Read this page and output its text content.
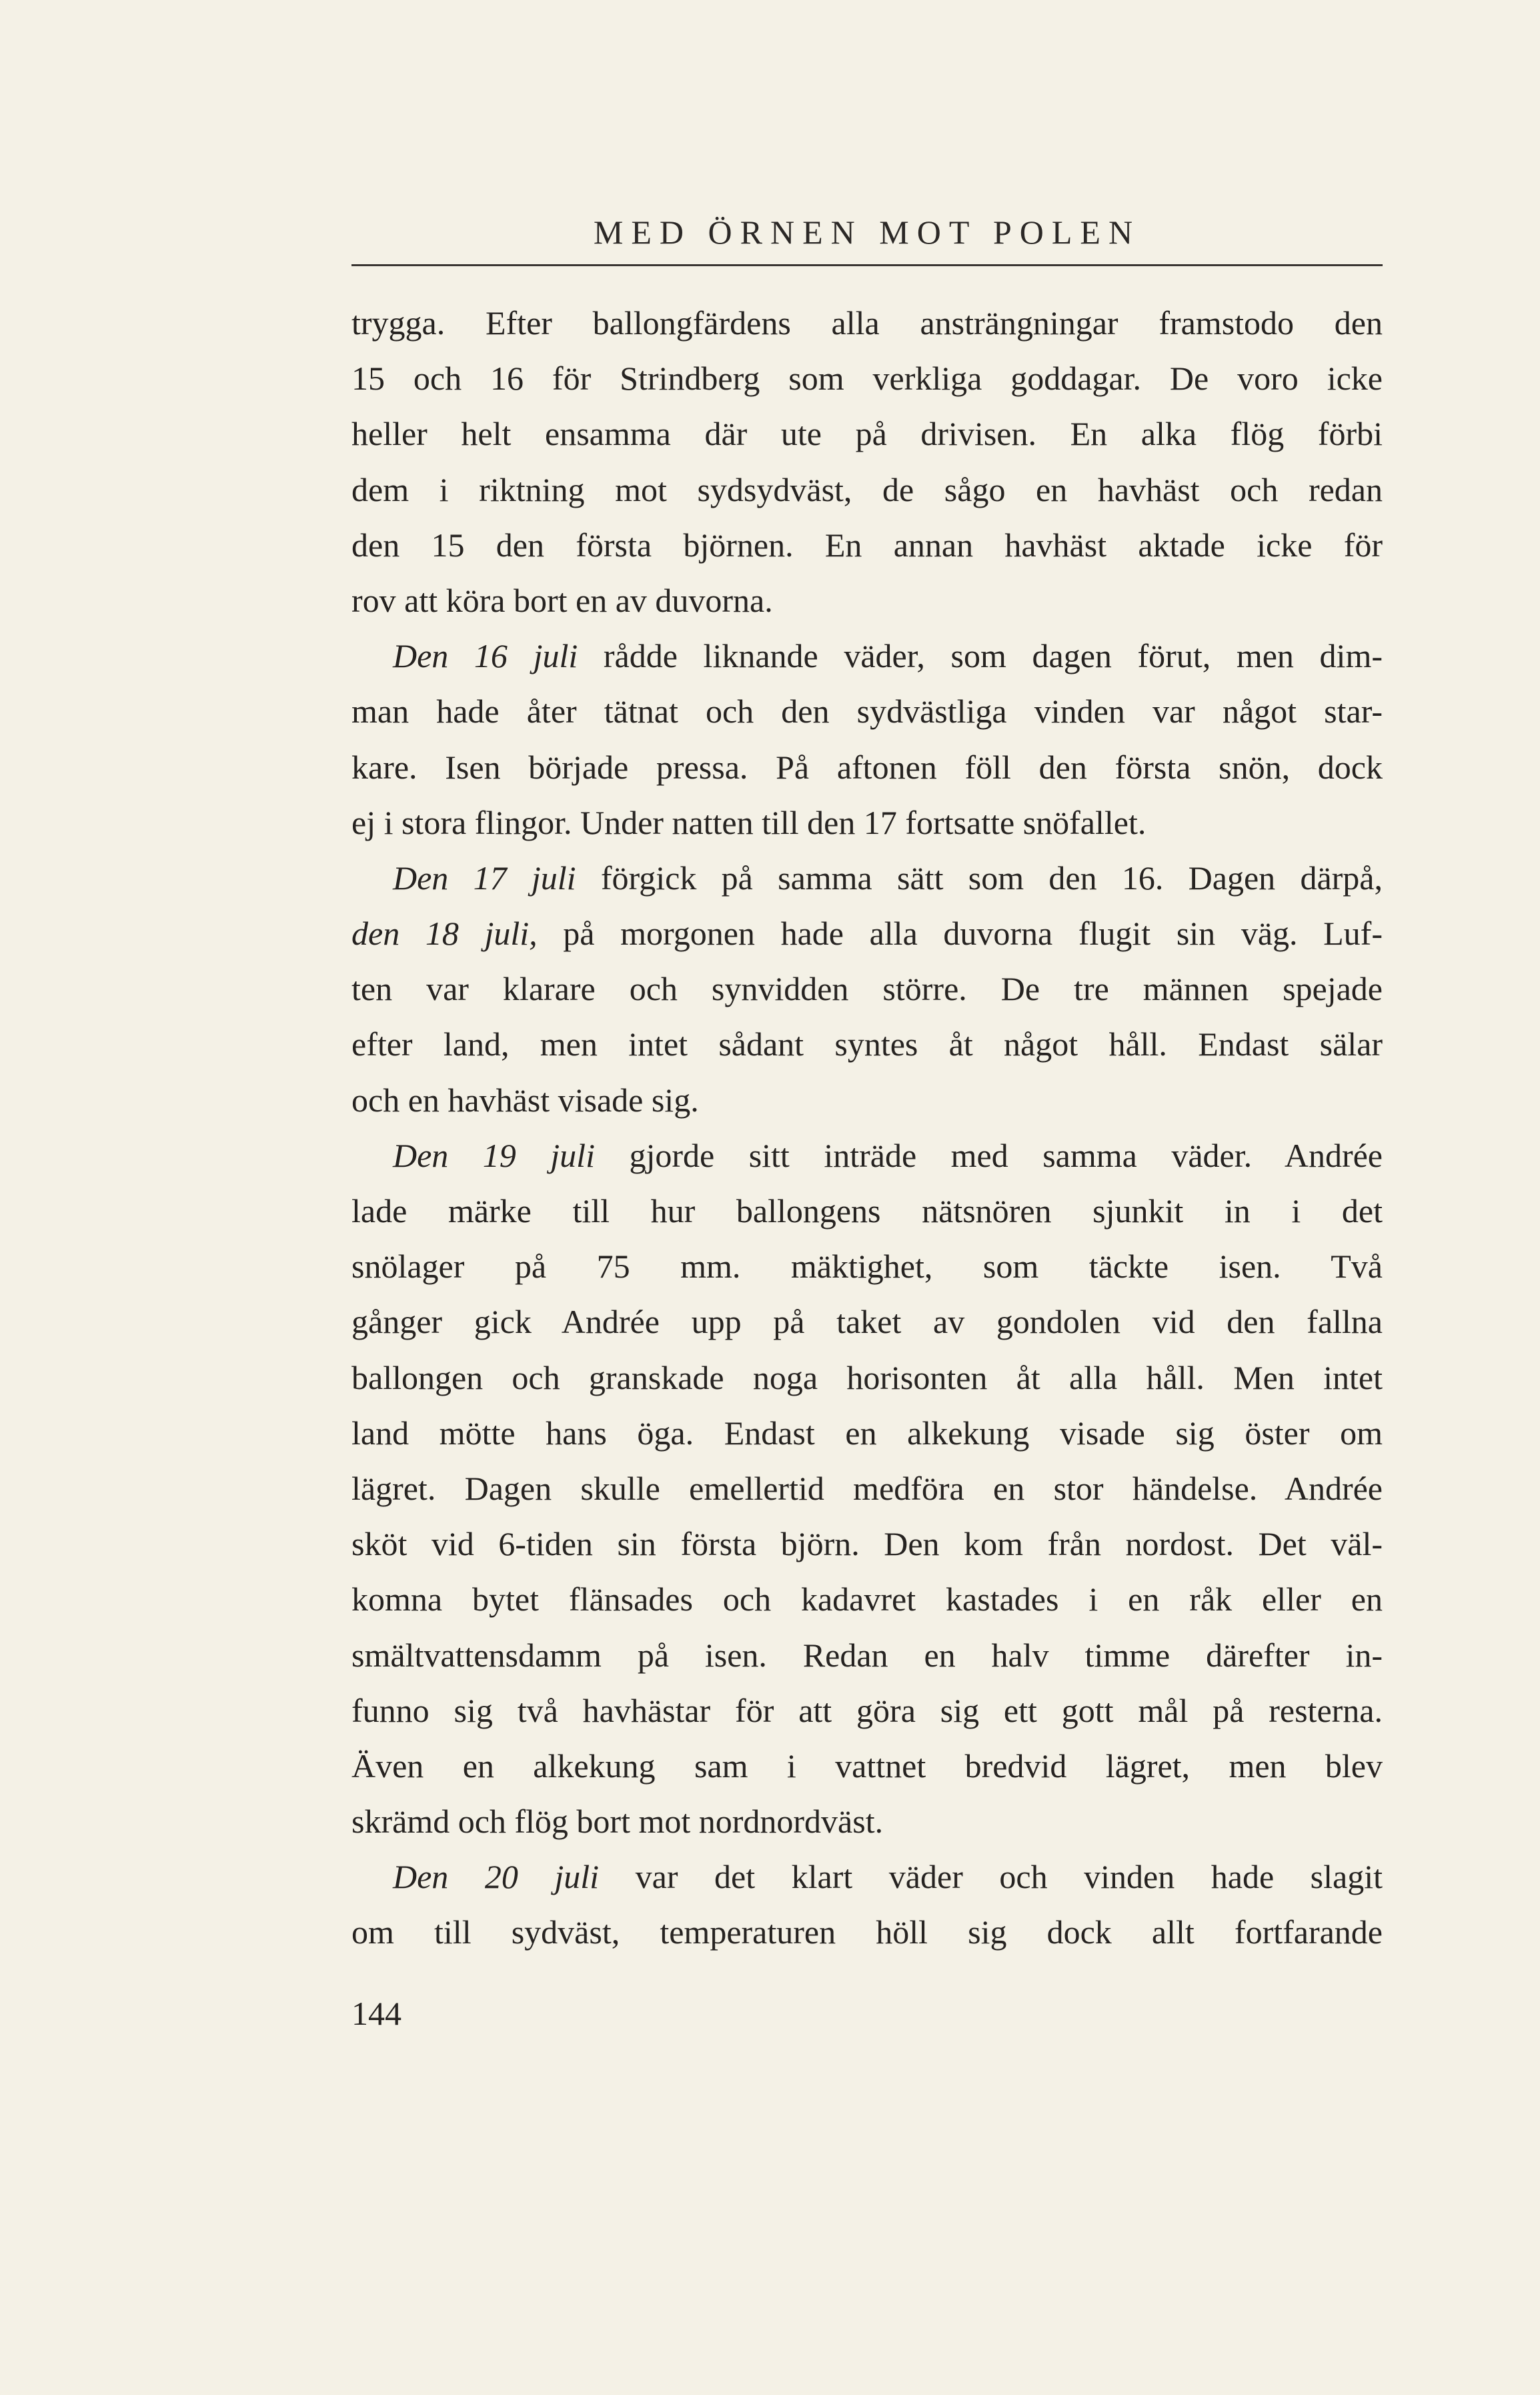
MED ÖRNEN MOT POLEN
trygga. Efter ballongfärdens alla ansträngningar framstodo den
15 och 16 för Strindberg som verkliga goddagar. De voro icke
heller helt ensamma där ute på drivisen. En alka flög förbi
dem i riktning mot sydsydväst, de sågo en havhäst och redan
den 15 den första björnen. En annan havhäst aktade icke för
rov att köra bort en av duvorna.
Den 16 juli rådde liknande väder, som dagen förut, men dim-
man hade åter tätnat och den sydvästliga vinden var något star-
kare. Isen började pressa. På aftonen föll den första snön, dock
ej i stora flingor. Under natten till den 17 fortsatte snöfallet.
Den 17 juli förgick på samma sätt som den 16. Dagen därpå,
den 18 juli, på morgonen hade alla duvorna flugit sin väg. Luf-
ten var klarare och synvidden större. De tre männen spejade
efter land, men intet sådant syntes åt något håll. Endast sälar
och en havhäst visade sig.
Den 19 juli gjorde sitt inträde med samma väder. Andrée
lade märke till hur ballongens nätsnören sjunkit in i det
snölager på 75 mm. mäktighet, som täckte isen. Två
gånger gick Andrée upp på taket av gondolen vid den fallna
ballongen och granskade noga horisonten åt alla håll. Men intet
land mötte hans öga. Endast en alkekung visade sig öster om
lägret. Dagen skulle emellertid medföra en stor händelse. Andrée
sköt vid 6-tiden sin första björn. Den kom från nordost. Det väl-
komna bytet flänsades och kadavret kastades i en råk eller en
smältvattensdamm på isen. Redan en halv timme därefter in-
funno sig två havhästar för att göra sig ett gott mål på resterna.
Även en alkekung sam i vattnet bredvid lägret, men blev
skrämd och flög bort mot nordnordväst.
Den 20 juli var det klart väder och vinden hade slagit
om till sydväst, temperaturen höll sig dock allt fortfarande
144
